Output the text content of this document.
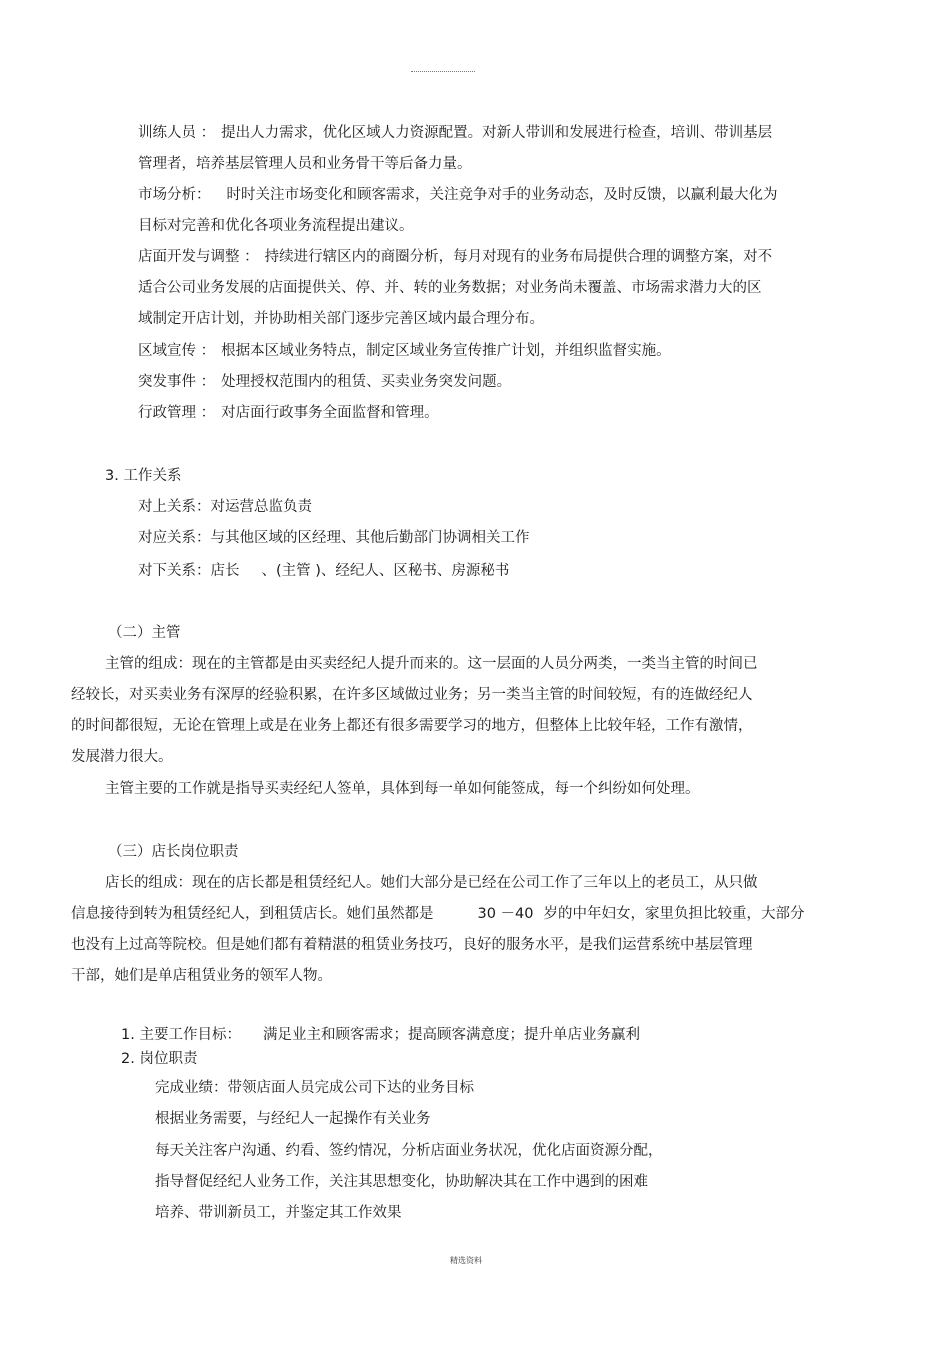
训练人员 ： 提出人力需求，优化区域人力资源配置。对新人带训和发展进行检查，培训、带训基层
管理者，培养基层管理人员和业务骨干等后备力量。
市场分析： 时时关注市场变化和顾客需求，关注竞争对手的业务动态，及时反馈，以赢利最大化为
目标对完善和优化各项业务流程提出建议。
店面开发与调整 ： 持续进行辖区内的商圈分析，每月对现有的业务布局提供合理的调整方案，对不
适合公司业务发展的店面提供关、停、并、转的业务数据；对业务尚未覆盖、市场需求潜力大的区
域制定开店计划，并协助相关部门逐步完善区域内最合理分布。
区域宣传 ： 根据本区域业务特点，制定区域业务宣传推广计划，并组织监督实施。
突发事件 ： 处理授权范围内的租赁、买卖业务突发问题。
行政管理 ： 对店面行政事务全面监督和管理。
3. 工作关系
对上关系：对运营总监负责
对应关系：与其他区域的区经理、其他后勤部门协调相关工作
对下关系：店长 、(主管 )、经纪人、区秘书、房源秘书
（二）主管
主管的组成：现在的主管都是由买卖经纪人提升而来的。这一层面的人员分两类，一类当主管的时间已
经较长，对买卖业务有深厚的经验积累，在许多区域做过业务；另一类当主管的时间较短，有的连做经纪人
的时间都很短，无论在管理上或是在业务上都还有很多需要学习的地方，但整体上比较年轻，工作有激情，
发展潜力很大。
主管主要的工作就是指导买卖经纪人签单，具体到每一单如何能签成，每一个纠纷如何处理。
（三）店长岗位职责
店长的组成：现在的店长都是租赁经纪人。她们大部分是已经在公司工作了三年以上的老员工，从只做
信息接待到转为租赁经纪人，到租赁店长。她们虽然都是	30 －40 岁的中年妇女，家里负担比较重，大部分
也没有上过高等院校。但是她们都有着精湛的租赁业务技巧，良好的服务水平，是我们运营系统中基层管理
干部，她们是单店租赁业务的领军人物。
1. 主要工作目标： 满足业主和顾客需求；提高顾客满意度；提升单店业务赢利
2. 岗位职责
完成业绩：带领店面人员完成公司下达的业务目标
根据业务需要，与经纪人一起操作有关业务
每天关注客户沟通、约看、签约情况，分析店面业务状况，优化店面资源分配，
指导督促经纪人业务工作，关注其思想变化，协助解决其在工作中遇到的困难
培养、带训新员工，并鉴定其工作效果
精选资料
